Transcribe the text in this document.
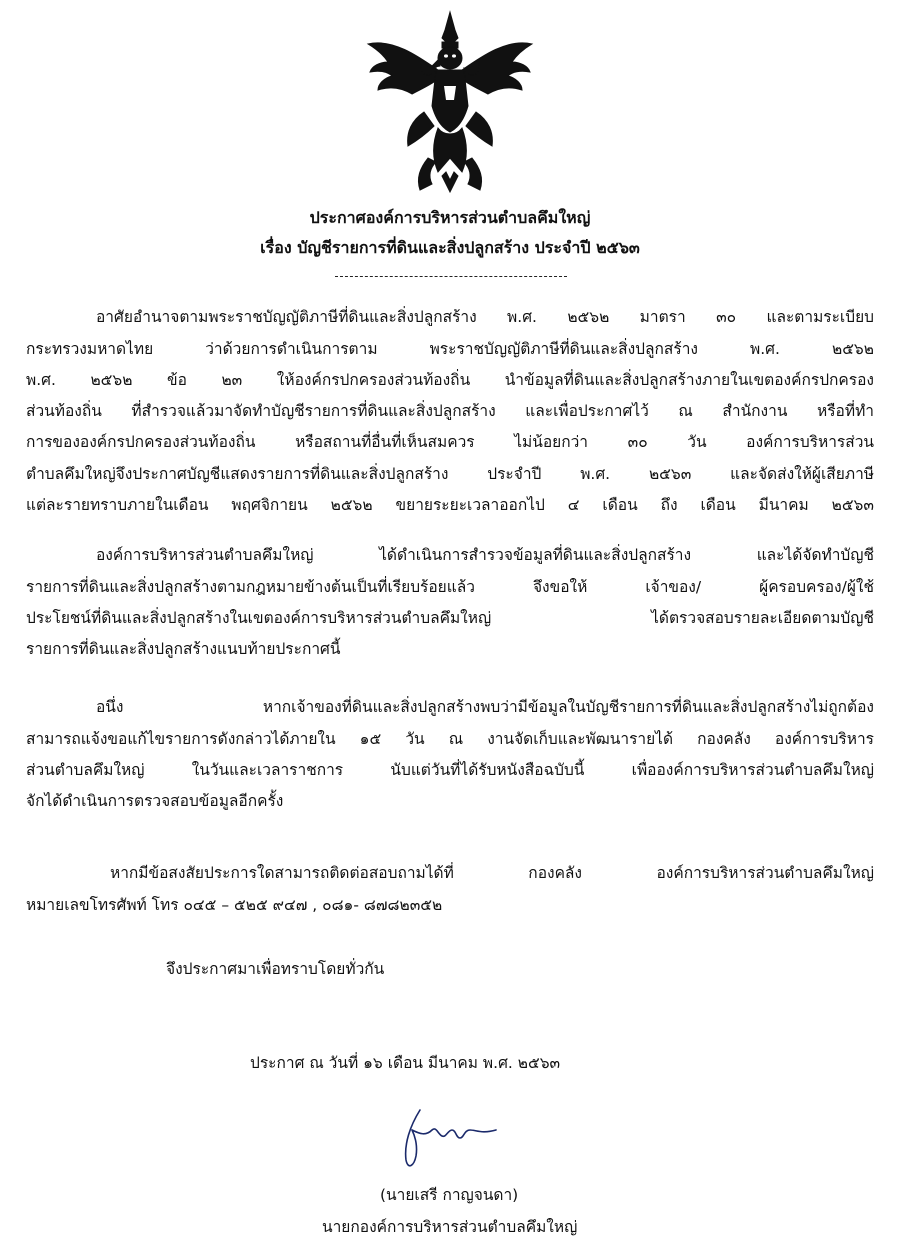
ประกาศองค์การบริหารส่วนตำบลคึมใหญ่
เรื่อง บัญชีรายการที่ดินและสิ่งปลูกสร้าง ประจำปี ๒๕๖๓
อาศัยอำนาจตามพระราชบัญญัติภาษีที่ดินและสิ่งปลูกสร้าง พ.ศ. ๒๕๖๒ มาตรา ๓๐ และตามระเบียบ
กระทรวงมหาดไทย ว่าด้วยการดำเนินการตาม พระราชบัญญัติภาษีที่ดินและสิ่งปลูกสร้าง พ.ศ. ๒๕๖๒
พ.ศ. ๒๕๖๒ ข้อ ๒๓ ให้องค์กรปกครองส่วนท้องถิ่น นำข้อมูลที่ดินและสิ่งปลูกสร้างภายในเขตองค์กรปกครอง
ส่วนท้องถิ่น ที่สำรวจแล้วมาจัดทำบัญชีรายการที่ดินและสิ่งปลูกสร้าง และเพื่อประกาศไว้ ณ สำนักงาน หรือที่ทำ
การขององค์กรปกครองส่วนท้องถิ่น หรือสถานที่อื่นที่เห็นสมควร ไม่น้อยกว่า ๓๐ วัน องค์การบริหารส่วน
ตำบลคึมใหญ่จึงประกาศบัญชีแสดงรายการที่ดินและสิ่งปลูกสร้าง ประจำปี พ.ศ. ๒๕๖๓ และจัดส่งให้ผู้เสียภาษี
แต่ละรายทราบภายในเดือน พฤศจิกายน ๒๕๖๒ ขยายระยะเวลาออกไป ๔ เดือน ถึง เดือน มีนาคม ๒๕๖๓
องค์การบริหารส่วนตำบลคึมใหญ่ ได้ดำเนินการสำรวจข้อมูลที่ดินและสิ่งปลูกสร้าง และได้จัดทำบัญชี
รายการที่ดินและสิ่งปลูกสร้างตามกฎหมายข้างต้นเป็นที่เรียบร้อยแล้ว จึงขอให้ เจ้าของ/ ผู้ครอบครอง/ผู้ใช้
ประโยชน์ที่ดินและสิ่งปลูกสร้างในเขตองค์การบริหารส่วนตำบลคึมใหญ่ ได้ตรวจสอบรายละเอียดตามบัญชี
รายการที่ดินและสิ่งปลูกสร้างแนบท้ายประกาศนี้
อนึ่ง หากเจ้าของที่ดินและสิ่งปลูกสร้างพบว่ามีข้อมูลในบัญชีรายการที่ดินและสิ่งปลูกสร้างไม่ถูกต้อง
สามารถแจ้งขอแก้ไขรายการดังกล่าวได้ภายใน ๑๕ วัน ณ งานจัดเก็บและพัฒนารายได้ กองคลัง องค์การบริหาร
ส่วนตำบลคึมใหญ่ ในวันและเวลาราชการ นับแต่วันที่ได้รับหนังสือฉบับนี้ เพื่อองค์การบริหารส่วนตำบลคึมใหญ่
จักได้ดำเนินการตรวจสอบข้อมูลอีกครั้ง
หากมีข้อสงสัยประการใดสามารถติดต่อสอบถามได้ที่ กองคลัง องค์การบริหารส่วนตำบลคึมใหญ่
หมายเลขโทรศัพท์ โทร ๐๔๕ – ๕๒๕ ๙๔๗ , ๐๘๑- ๘๗๘๒๓๕๒
จึงประกาศมาเพื่อทราบโดยทั่วกัน
ประกาศ ณ วันที่ ๑๖ เดือน มีนาคม พ.ศ. ๒๕๖๓
(นายเสรี กาญจนดา)
นายกองค์การบริหารส่วนตำบลคึมใหญ่
